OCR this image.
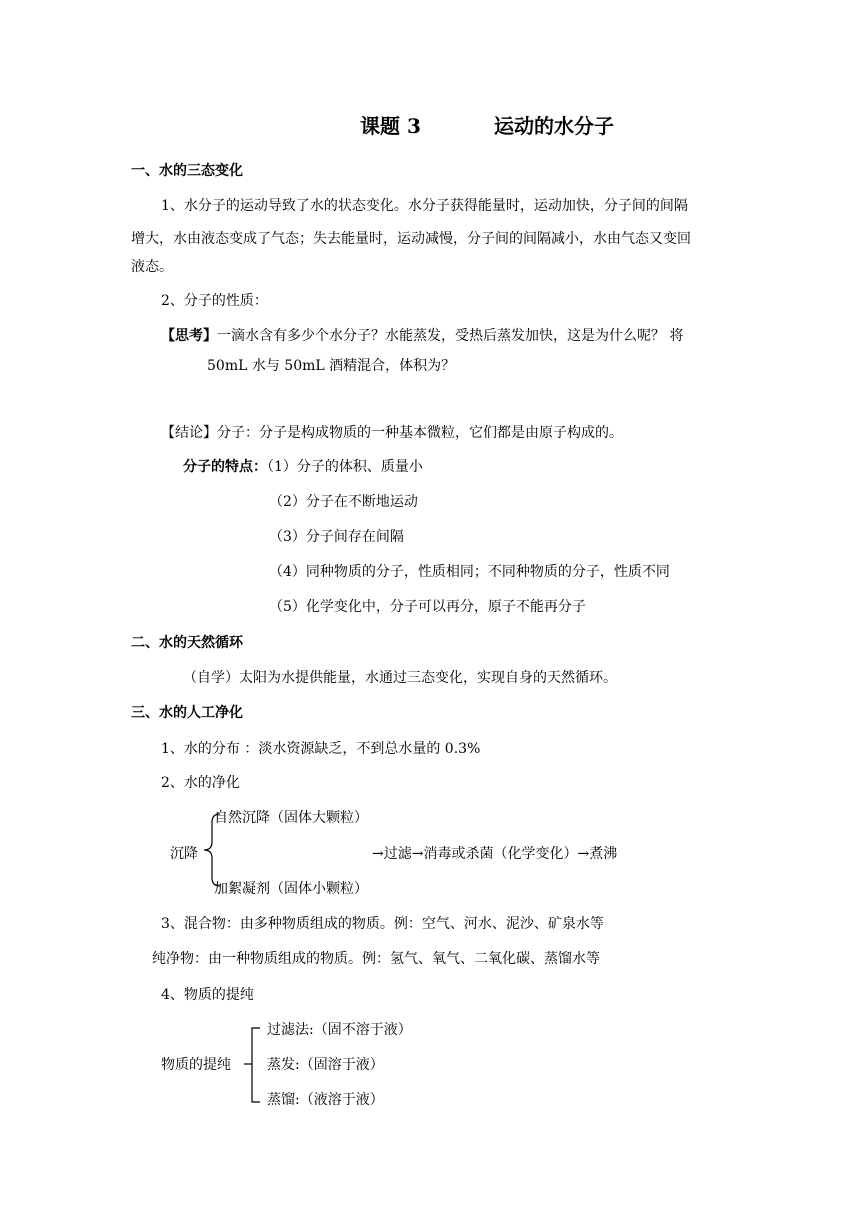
课题 3	运动的水分子
一、水的三态变化
1、水分子的运动导致了水的状态变化。水分子获得能量时，运动加快，分子间的间隔
增大，水由液态变成了气态；失去能量时，运动减慢，分子间的间隔减小，水由气态又变回
液态。
2、分子的性质：
【思考】一滴水含有多少个水分子？水能蒸发，受热后蒸发加快，这是为什么呢？ 将
50mL 水与 50mL 酒精混合，体积为？
【结论】分子：分子是构成物质的一种基本微粒，它们都是由原子构成的。
分子的特点：（1）分子的体积、质量小
（2）分子在不断地运动
（3）分子间存在间隔
（4）同种物质的分子，性质相同；不同种物质的分子，性质不同
（5）化学变化中，分子可以再分，原子不能再分子
二、水的天然循环
（自学）太阳为水提供能量，水通过三态变化，实现自身的天然循环。
三、水的人工净化
1、水的分布 ：淡水资源缺乏，不到总水量的 0.3%
2、水的净化
自然沉降（固体大颗粒）
沉降	→过滤→消毒或杀菌（化学变化）→煮沸
加絮凝剂（固体小颗粒）
3、混合物：由多种物质组成的物质。例：空气、河水、泥沙、矿泉水等
纯净物：由一种物质组成的物质。例：氢气、氧气、二氧化碳、蒸馏水等
4、物质的提纯
物质的提纯
过滤法:（固不溶于液）
蒸发:（固溶于液）
蒸馏:（液溶于液）
